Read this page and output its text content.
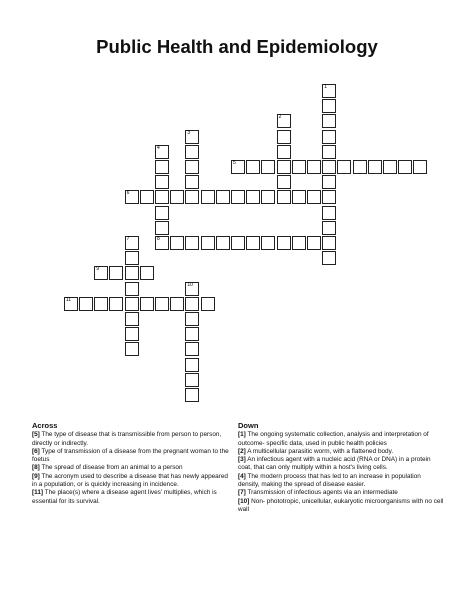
Public Health and Epidemiology
1
2
3
4
8
5
6
7
9
10
11
Across

[5] The type of disease that is transmissible from person to person, directly or indirectly.

[6] Type of transmission of a disease from the pregnant woman to the foetus

[8] The spread of disease from an animal to a person

[9] The acronym used to describe a disease that has newly appeared in a population, or is quickly increasing in incidence.

[11] The place(s) where a disease agent lives' multiplies, which is essential for its survival.

Down

[1] The ongoing systematic collection, analysis and interpretation of outcome- specific data, used in public health policies

[2] A multicellular parasitic worm, with a flattened body.

[3] An infectious agent with a nucleic acid (RNA or DNA) in a protein coat, that can only multiply within a host's living cells.

[4] The modern process that has led to an increase in population density, making the spread of disease easier.

[7] Transmission of infectious agents via an intermediate

[10] Non- phototropic, unicellular, eukaryotic microorganisms with no cell wall
